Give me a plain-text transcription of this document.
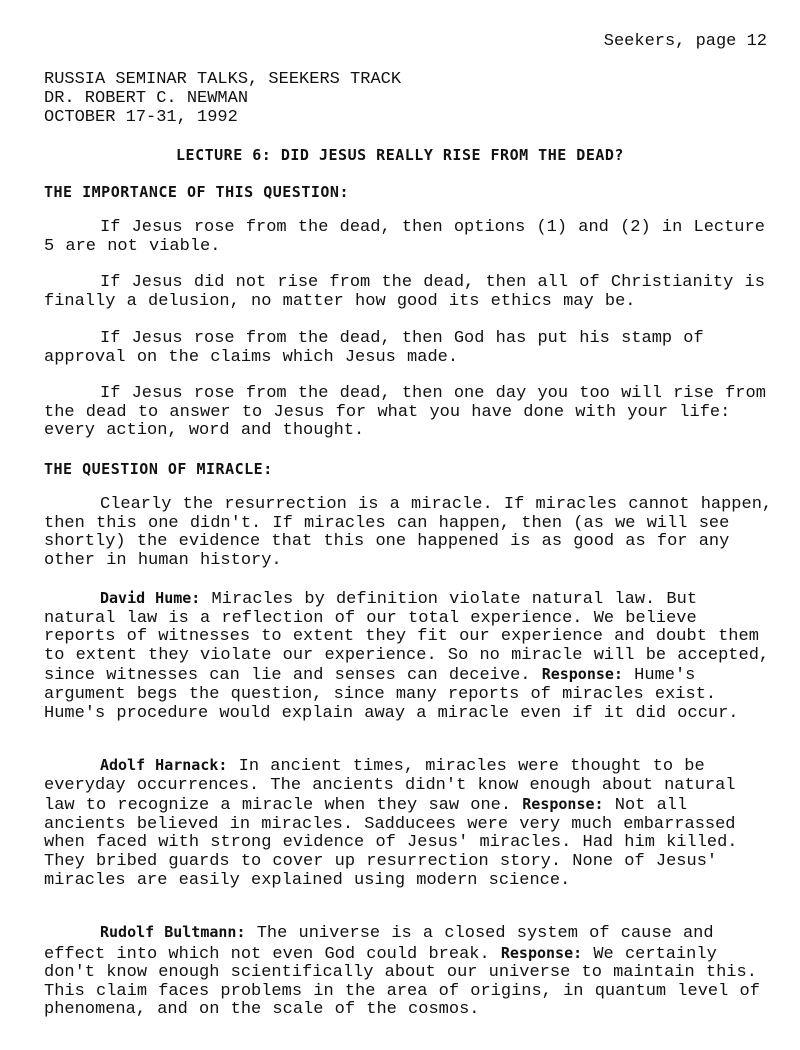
Seekers, page 12
RUSSIA SEMINAR TALKS, SEEKERS TRACK
DR. ROBERT C. NEWMAN
OCTOBER 17-31, 1992
LECTURE 6: DID JESUS REALLY RISE FROM THE DEAD?
THE IMPORTANCE OF THIS QUESTION:
If Jesus rose from the dead, then options (1) and (2) in Lecture 5 are not viable.
If Jesus did not rise from the dead, then all of Christianity is finally a delusion, no matter how good its ethics may be.
If Jesus rose from the dead, then God has put his stamp of approval on the claims which Jesus made.
If Jesus rose from the dead, then one day you too will rise from the dead to answer to Jesus for what you have done with your life: every action, word and thought.
THE QUESTION OF MIRACLE:
Clearly the resurrection is a miracle. If miracles cannot happen, then this one didn't. If miracles can happen, then (as we will see shortly) the evidence that this one happened is as good as for any other in human history.
David Hume: Miracles by definition violate natural law. But natural law is a reflection of our total experience. We believe reports of witnesses to extent they fit our experience and doubt them to extent they violate our experience. So no miracle will be accepted, since witnesses can lie and senses can deceive. Response: Hume's argument begs the question, since many reports of miracles exist. Hume's procedure would explain away a miracle even if it did occur.
Adolf Harnack: In ancient times, miracles were thought to be everyday occurrences. The ancients didn't know enough about natural law to recognize a miracle when they saw one. Response: Not all ancients believed in miracles. Sadducees were very much embarrassed when faced with strong evidence of Jesus' miracles. Had him killed. They bribed guards to cover up resurrection story. None of Jesus' miracles are easily explained using modern science.
Rudolf Bultmann: The universe is a closed system of cause and effect into which not even God could break. Response: We certainly don't know enough scientifically about our universe to maintain this. This claim faces problems in the area of origins, in quantum level of phenomena, and on the scale of the cosmos.
